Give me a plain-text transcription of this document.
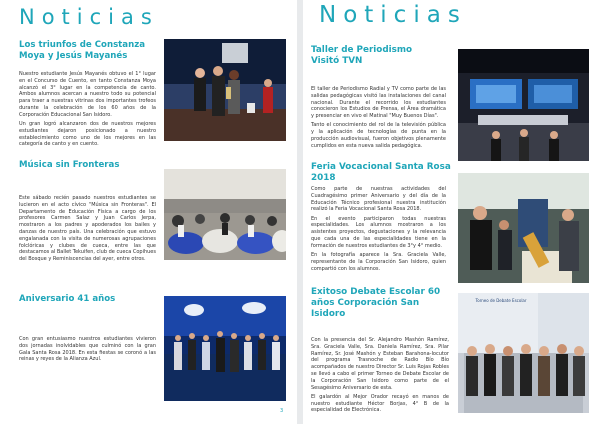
Noticias
Los triunfos de Constanza Moya y Jesús Mayanés

Nuestro estudiante Jesús Mayanés obtuvo el 1° lugar en el Concurso de Cuento, en tanto Constanza Moya alcanzó el 3° lugar en la competencia de canto. Ambos alumnos acercan a nuestro todo su potencial para traer a nuestras vitrinas dos importantes trofeos durante la celebración de los 60 años de la Corporación Educacional San Isidoro.

Un gran logró alcanzaron dos de nuestros mejores estudiantes dejaron posicionado a nuestro establecimiento como uno de los mejores en las categoría de canto y en cuento.

Música sin Fronteras

Este sábado recién pasado nuestros estudiantes se lucieron en el acto cívico "Música sin Fronteras". El Departamento de Educación Física a cargo de los profesores Carmen Salaz y Juan Carlos Jerpa, mostraron a los padres y apoderados los bailes y danzas de nuestro país. Una celebración que estuvo engalanada con la visita de numerosas agrupaciones folclóricas y clubes de cueca, entre las que destacamos al Ballet Tekuifen, club de cueca Copihues del Bosque y Reminiscencias del ayer, entre otros.

Aniversario 41 años

Con gran entusiasmo nuestros estudiantes vivieron dos jornadas inolvidables que culminó con la gran Gala Santa Rosa 2018. En esta fiestas se coronó a las reinas y reyes de la Alianza Azul.

3
Noticias
Taller de Periodismo Visitó TVN

El taller de Periodismo Radial y TV como parte de las salidas pedagógicas visitó las instalaciones del canal nacional. Durante el recorrido los estudiantes conocieron los Estudios de Prensa, el Área dramática y presenciar en vivo el Matinal "Muy Buenos Días".

Tanto el conocimiento del rol de la televisión pública y la aplicación de tecnologías de punta en la producción audiovisual, fueron objetivos plenamente cumplidos en esta nueva salida pedagógica.

Feria Vocacional Santa Rosa 2018

Como parte de nuestras actividades del Cuadragésimo primer Aniversario y del día de la Educación Técnico profesional nuestra institución realizó la Feria Vocacional Santa Rosa 2018.

En el evento participaron todas nuestras especialidades. Los alumnos mostraron a los asistentes proyectos, degustaciones y la relevancia que cada una de las especialidades tiene en la formación de nuestros estudiantes de 3°y 4° medio.

En la fotografía aparece la Sra. Graciela Valle, representante de la Corporación San Isidoro, quien compartió con los alumnos.

Exitoso Debate Escolar 60 años Corporación San Isidoro

Con la presencia del Sr. Alejandro Mashón Ramírez, Sra. Graciela Valle, Sra. Daniela Ramírez, Sra. Pilar Ramírez, Sr. José Mashón y Esteban Barahona-Iocutor del programa Trasnoche de Radio Bío Bío acompañados de nuestro Director Sr. Luis Rojas Robles se llevó a cabo el primer Torneo de Debate Escolar de la Corporación San Isidoro como parte de el Sesagésimo Aniversario de esta.

El galardón al Mejor Orador recayó en manos de nuestro estudiante Héctor Borjas, 4° B de la especialidad de Electrónica.

Torneo de Debate Escolar
